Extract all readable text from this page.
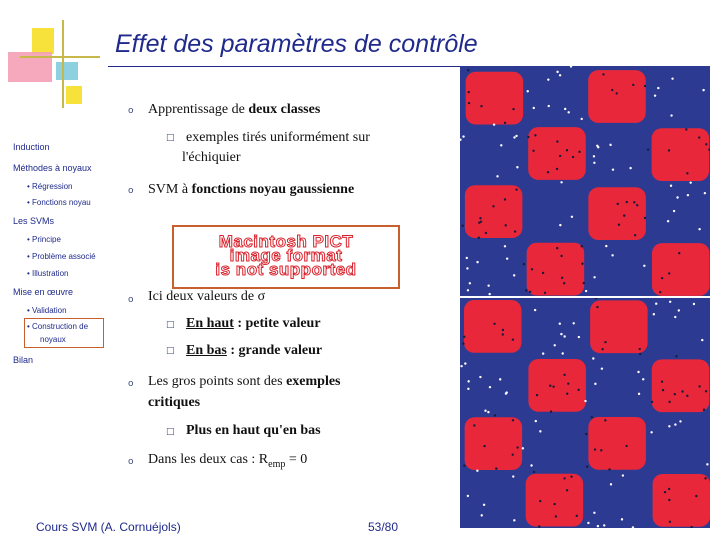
Effet des paramètres de contrôle
Induction
Méthodes à noyaux
• Régression
• Fonctions noyau
Les SVMs
• Principe
• Problème associé
• Illustration
Mise en œuvre
• Validation
• Construction de
noyaux
Bilan
o Apprentissage de deux classes
□ exemples tirés uniformément sur
l'échiquier
o SVM à fonctions noyau gaussienne
Macintosh PICT
image format
is not supported
o Ici deux valeurs de σ
□ En haut : petite valeur
□ En bas : grande valeur
o Les gros points sont des exemples
critiques
□ Plus en haut qu'en bas
o Dans les deux cas : $R_{emp} = 0$
Cours SVM (A. Cornuéjols)	53/80
